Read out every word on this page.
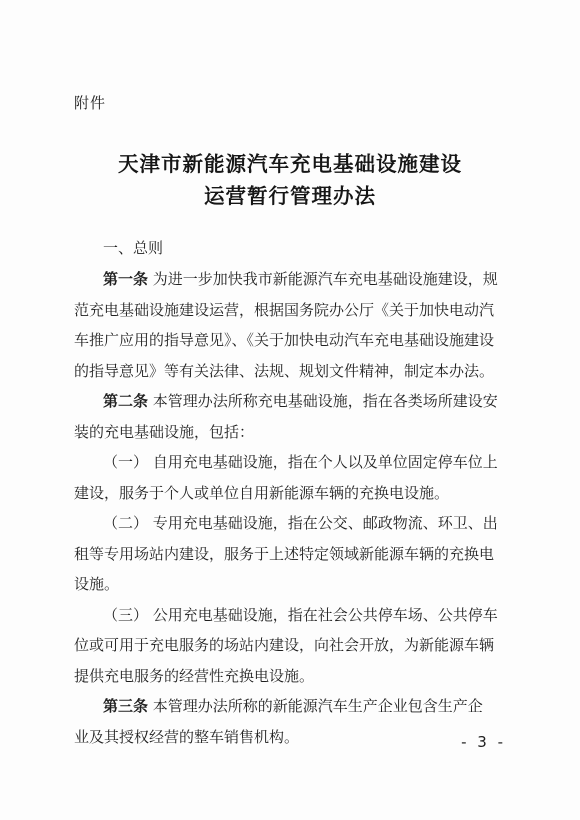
附件
天津市新能源汽车充电基础设施建设
运营暂行管理办法
一、总则
第一条 为进一步加快我市新能源汽车充电基础设施建设，规
范充电基础设施建设运营，根据国务院办公厅《关于加快电动汽
车推广应用的指导意见》、《关于加快电动汽车充电基础设施建设
的指导意见》等有关法律、法规、规划文件精神，制定本办法。
第二条 本管理办法所称充电基础设施，指在各类场所建设安
装的充电基础设施，包括：
（一） 自用充电基础设施，指在个人以及单位固定停车位上
建设，服务于个人或单位自用新能源车辆的充换电设施。
（二） 专用充电基础设施，指在公交、邮政物流、环卫、出
租等专用场站内建设，服务于上述特定领域新能源车辆的充换电
设施。
（三） 公用充电基础设施，指在社会公共停车场、公共停车
位或可用于充电服务的场站内建设，向社会开放，为新能源车辆
提供充电服务的经营性充换电设施。
第三条 本管理办法所称的新能源汽车生产企业包含生产企
业及其授权经营的整车销售机构。	- 3 -
